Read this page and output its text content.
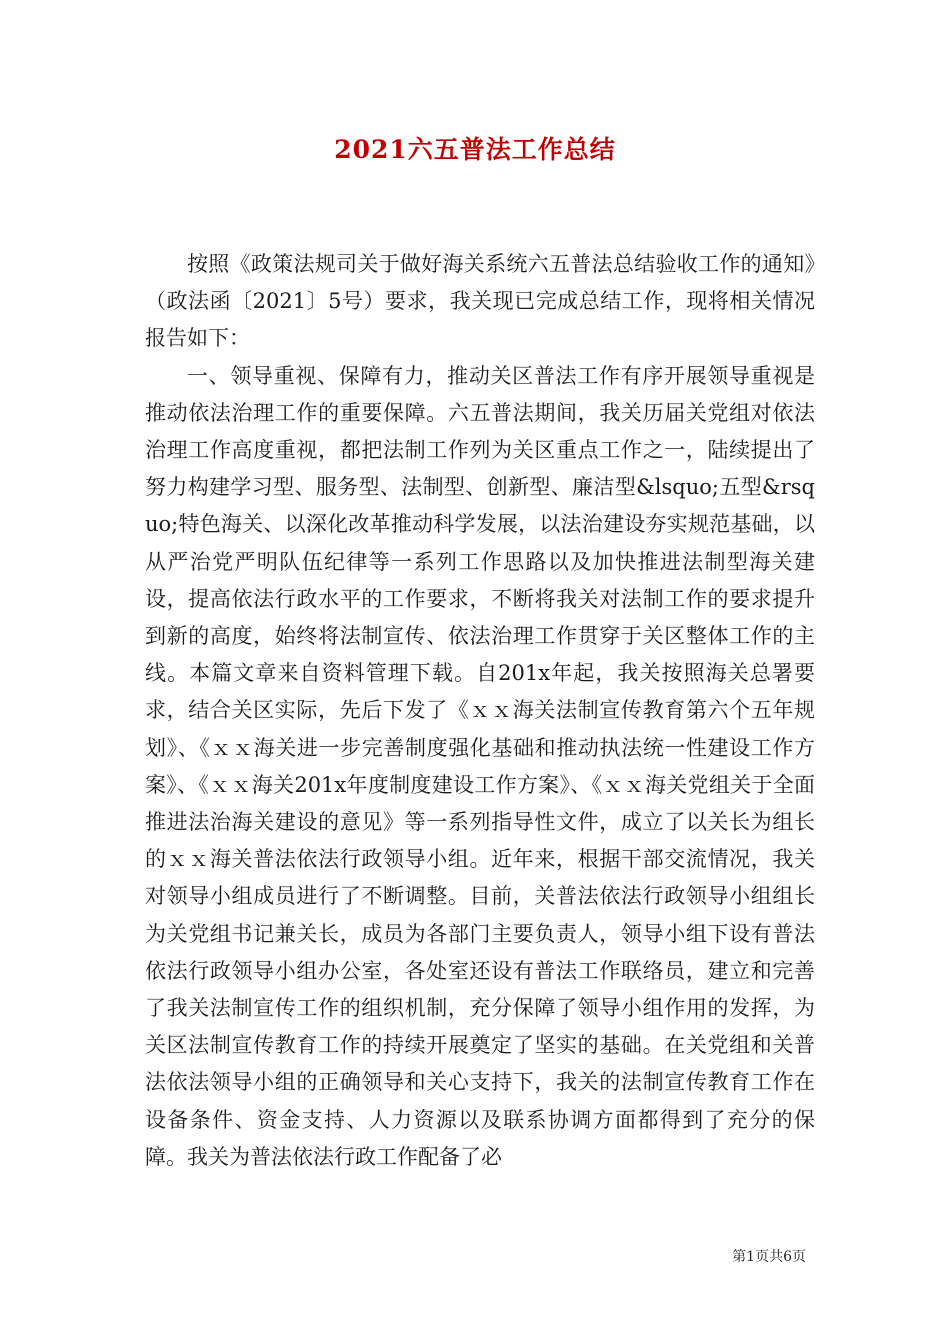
2021六五普法工作总结

按照《政策法规司关于做好海关系统六五普法总结验收工作的通知》（政法函〔2021〕5号）要求，我关现已完成总结工作，现将相关情况报告如下：

一、领导重视、保障有力，推动关区普法工作有序开展领导重视是推动依法治理工作的重要保障。六五普法期间，我关历届关党组对依法治理工作高度重视，都把法制工作列为关区重点工作之一，陆续提出了努力构建学习型、服务型、法制型、创新型、廉洁型&lsquo;五型&rsquo;特色海关、以深化改革推动科学发展，以法治建设夯实规范基础，以从严治党严明队伍纪律等一系列工作思路以及加快推进法制型海关建设，提高依法行政水平的工作要求，不断将我关对法制工作的要求提升到新的高度，始终将法制宣传、依法治理工作贯穿于关区整体工作的主线。本篇文章来自资料管理下载。自201x年起，我关按照海关总署要求，结合关区实际，先后下发了《ｘｘ海关法制宣传教育第六个五年规划》、《ｘｘ海关进一步完善制度强化基础和推动执法统一性建设工作方案》、《ｘｘ海关201x年度制度建设工作方案》、《ｘｘ海关党组关于全面推进法治海关建设的意见》等一系列指导性文件，成立了以关长为组长的ｘｘ海关普法依法行政领导小组。近年来，根据干部交流情况，我关对领导小组成员进行了不断调整。目前，关普法依法行政领导小组组长为关党组书记兼关长，成员为各部门主要负责人，领导小组下设有普法依法行政领导小组办公室，各处室还设有普法工作联络员，建立和完善了我关法制宣传工作的组织机制，充分保障了领导小组作用的发挥，为关区法制宣传教育工作的持续开展奠定了坚实的基础。在关党组和关普法依法领导小组的正确领导和关心支持下，我关的法制宣传教育工作在设备条件、资金支持、人力资源以及联系协调方面都得到了充分的保障。我关为普法依法行政工作配备了必

第1页共6页
